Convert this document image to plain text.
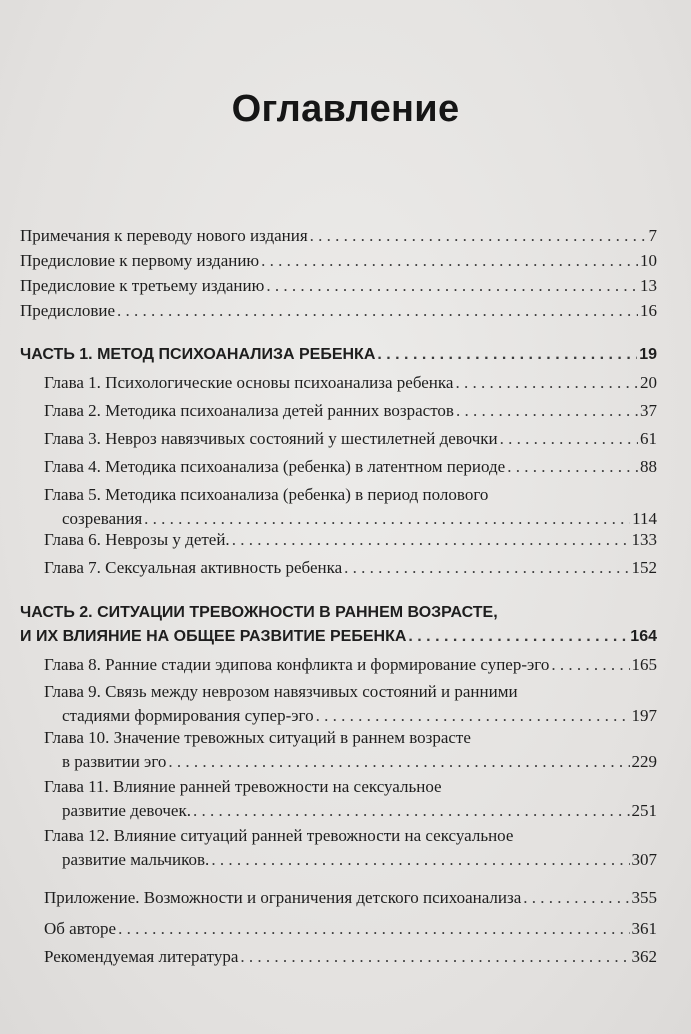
Оглавление
Примечания к переводу нового издания . . .	7
Предисловие к первому изданию . . .	10
Предисловие к третьему изданию . . .	13
Предисловие . . .	16
ЧАСТЬ 1. МЕТОД ПСИХОАНАЛИЗА РЕБЕНКА . . .	19
Глава 1. Психологические основы психоанализа ребенка . . .	20
Глава 2. Методика психоанализа детей ранних возрастов . . .	37
Глава 3. Невроз навязчивых состояний у шестилетней девочки . . .	61
Глава 4. Методика психоанализа (ребенка) в латентном периоде . . .	88
Глава 5. Методика психоанализа (ребенка) в период полового
созревания . . .	114
Глава 6. Неврозы у детей. . . .	133
Глава 7. Сексуальная активность ребенка . . .	152
ЧАСТЬ 2. СИТУАЦИИ ТРЕВОЖНОСТИ В РАННЕМ ВОЗРАСТЕ,
И ИХ ВЛИЯНИЕ НА ОБЩЕЕ РАЗВИТИЕ РЕБЕНКА . . .	164
Глава 8. Ранние стадии эдипова конфликта и формирование супер-эго . . .	165
Глава 9. Связь между неврозом навязчивых состояний и ранними
стадиями формирования супер-эго . . .	197
Глава 10. Значение тревожных ситуаций в раннем возрасте
в развитии эго . . .	229
Глава 11. Влияние ранней тревожности на сексуальное
развитие девочек. . . .	251
Глава 12. Влияние ситуаций ранней тревожности на сексуальное
развитие мальчиков. . . .	307
Приложение. Возможности и ограничения детского психоанализа . . .	355
Об авторе . . .	361
Рекомендуемая литература . . .	362
